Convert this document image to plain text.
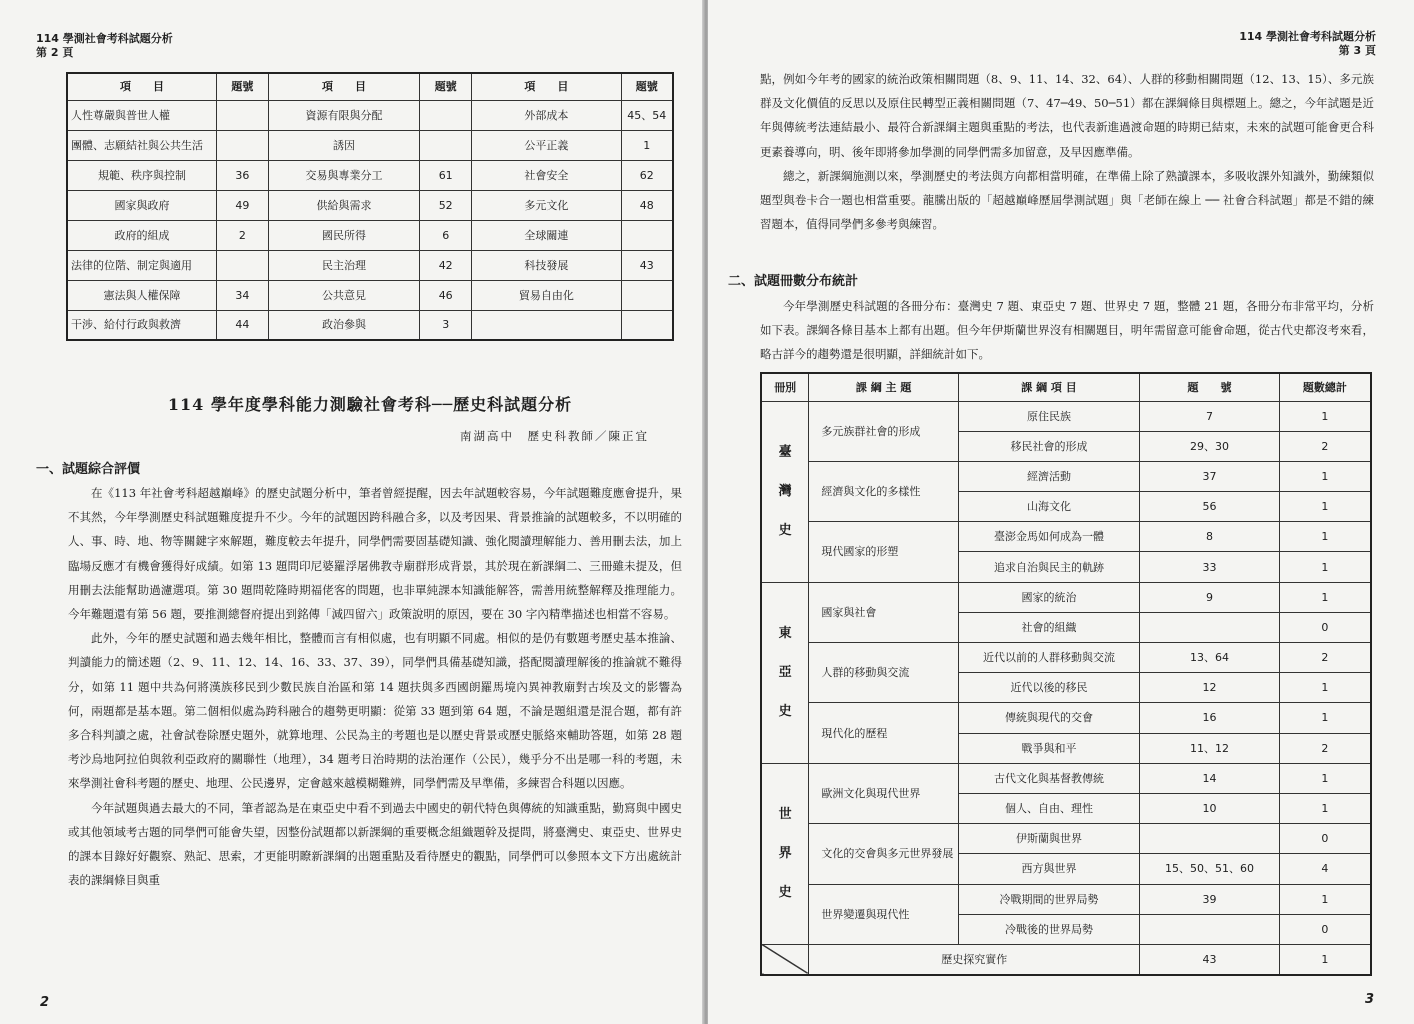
114 學測社會考科試題分析
第 2 頁
項　　目	題號	項　　目	題號	項　　目	題號
人性尊嚴與普世人權		資源有限與分配		外部成本	45、54
團體、志願結社與公共生活		誘因		公平正義	1
規範、秩序與控制	36	交易與專業分工	61	社會安全	62
國家與政府	49	供給與需求	52	多元文化	48
政府的組成	2	國民所得	6	全球關連	
法律的位階、制定與適用		民主治理	42	科技發展	43
憲法與人權保障	34	公共意見	46	貿易自由化	
干涉、給付行政與救濟	44	政治參與	3		
114 學年度學科能力測驗社會考科──歷史科試題分析
南湖高中　歷史科教師／陳正宜
一、試題綜合評價
在《113 年社會考科超越巔峰》的歷史試題分析中，筆者曾經提醒，因去年試題較容易，今年試題難度應會提升，果不其然，今年學測歷史科試題難度提升不少。今年的試題因跨科融合多，以及考因果、背景推論的試題較多，不以明確的人、事、時、地、物等關鍵字來解題，難度較去年提升，同學們需要固基礎知識、強化閱讀理解能力、善用刪去法，加上臨場反應才有機會獲得好成績。如第 13 題問印尼婆羅浮屠佛教寺廟群形成背景，其於現在新課綱二、三冊雖未提及，但用刪去法能幫助過濾選項。第 30 題問乾隆時期福佬客的問題，也非單純課本知識能解答，需善用統整解釋及推理能力。今年難題還有第 56 題，要推測總督府提出到銘傳「減四留六」政策說明的原因，要在 30 字內精準描述也相當不容易。
此外，今年的歷史試題和過去幾年相比，整體而言有相似處，也有明顯不同處。相似的是仍有數題考歷史基本推論、判讀能力的簡述題（2、9、11、12、14、16、33、37、39），同學們具備基礎知識，搭配閱讀理解後的推論就不難得分，如第 11 題中共為何將漢族移民到少數民族自治區和第 14 題扶與多西國朗羅馬境內異神教廟對古埃及文的影響為何，兩題都是基本題。第二個相似處為跨科融合的趨勢更明顯：從第 33 題到第 64 題，不論是題組還是混合題，都有許多合科判讀之處，社會試卷除歷史題外，就算地理、公民為主的考題也是以歷史背景或歷史脈絡來輔助答題，如第 28 題考沙烏地阿拉伯與敘利亞政府的關聯性（地理），34 題考日治時期的法治運作（公民），幾乎分不出是哪一科的考題，未來學測社會科考題的歷史、地理、公民邊界，定會越來越模糊難辨，同學們需及早準備，多練習合科題以因應。
今年試題與過去最大的不同，筆者認為是在東亞史中看不到過去中國史的朝代特色與傳統的知識重點，勤寫與中國史或其他領域考古題的同學們可能會失望，因整份試題都以新課綱的重要概念組織題幹及提問，將臺灣史、東亞史、世界史的課本目錄好好觀察、熟記、思索，才更能明瞭新課綱的出題重點及看待歷史的觀點，同學們可以參照本文下方出處統計表的課綱條目與重
2
114 學測社會考科試題分析
第 3 頁
點，例如今年考的國家的統治政策相關問題（8、9、11、14、32、64）、人群的移動相關問題（12、13、15）、多元族群及文化價值的反思以及原住民轉型正義相關問題（7、47─49、50─51）都在課綱條目與標題上。總之，今年試題是近年與傳統考法連結最小、最符合新課綱主題與重點的考法，也代表新進過渡命題的時期已結束，未來的試題可能會更合科更素養導向，明、後年即將參加學測的同學們需多加留意，及早因應準備。
總之，新課綱施測以來，學測歷史的考法與方向都相當明確，在準備上除了熟讀課本，多吸收課外知識外，勤練類似題型與卷卡合一題也相當重要。龍騰出版的「超越巔峰歷屆學測試題」與「老師在線上 ── 社會合科試題」都是不錯的練習題本，值得同學們多參考與練習。
二、試題冊數分布統計
今年學測歷史科試題的各冊分布：臺灣史 7 題、東亞史 7 題、世界史 7 題，整體 21 題，各冊分布非常平均，分析如下表。課綱各條目基本上都有出題。但今年伊斯蘭世界沒有相關題目，明年需留意可能會命題，從古代史都沒考來看，略古詳今的趨勢還是很明顯，詳細統計如下。
冊別	課 綱 主 題	課 綱 項 目	題　　號	題數總計

臺
灣
史	多元族群社會的形成	原住民族	7	1
		移民社會的形成	29、30	2
	經濟與文化的多樣性	經濟活動	37	1
		山海文化	56	1
	現代國家的形塑	臺澎金馬如何成為一體	8	1
		追求自治與民主的軌跡	33	1

東
亞
史	國家與社會	國家的統治	9	1
		社會的組織		0
	人群的移動與交流	近代以前的人群移動與交流	13、64	2
		近代以後的移民	12	1
	現代化的歷程	傳統與現代的交會	16	1
		戰爭與和平	11、12	2

世
界
史	歐洲文化與現代世界	古代文化與基督教傳統	14	1
		個人、自由、理性	10	1
	文化的交會與多元世界發展	伊斯蘭與世界		0
		西方與世界	15、50、51、60	4
	世界變遷與現代性	冷戰期間的世界局勢	39	1
		冷戰後的世界局勢		0
	歷史探究實作		43	1
3
